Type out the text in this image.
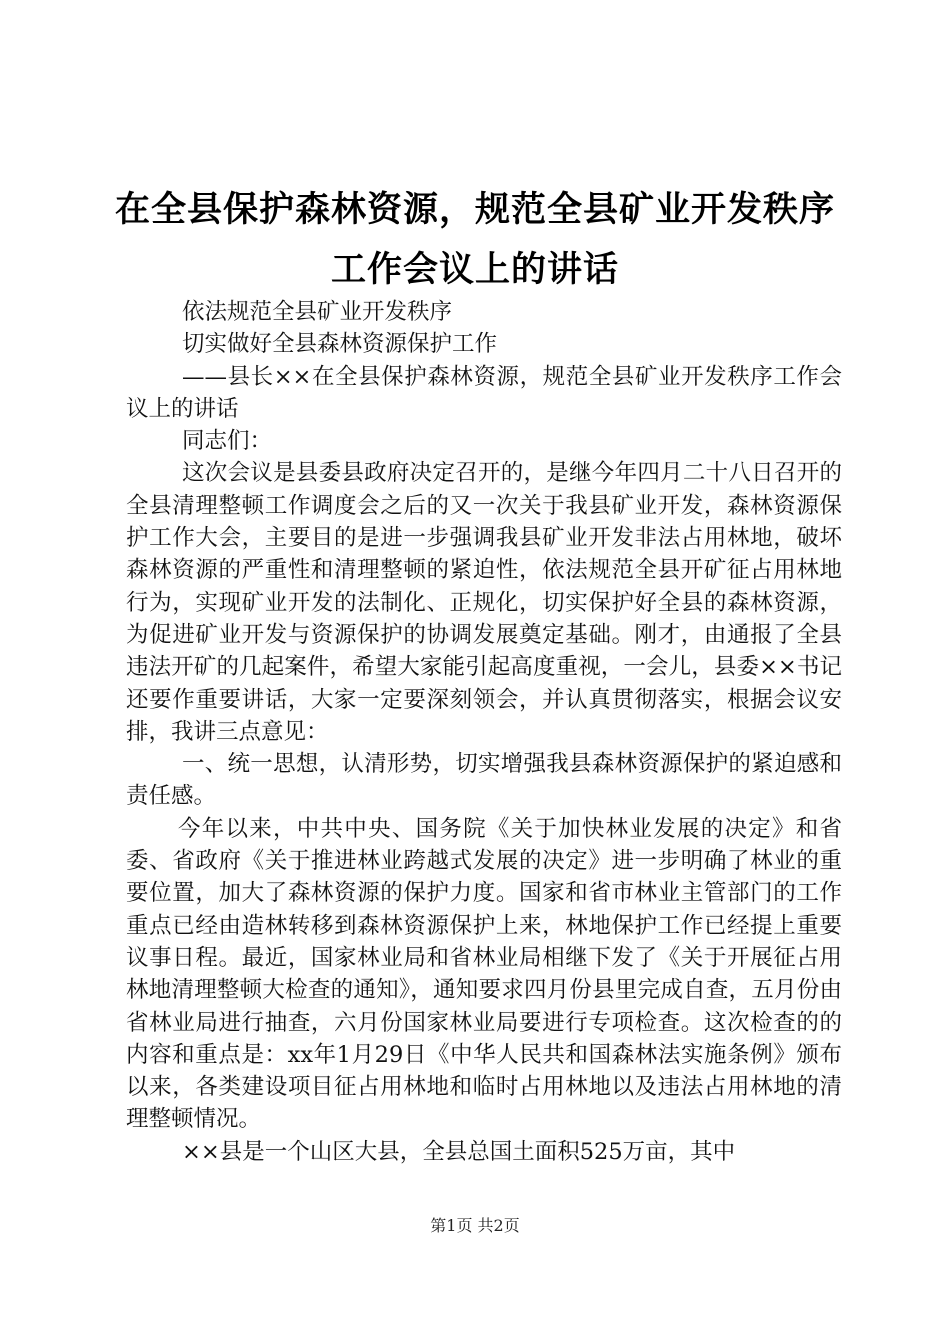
在全县保护森林资源，规范全县矿业开发秩序
工作会议上的讲话

依法规范全县矿业开发秩序

切实做好全县森林资源保护工作

——县长××在全县保护森林资源，规范全县矿业开发秩序工作会议上的讲话

同志们：

这次会议是县委县政府决定召开的，是继今年四月二十八日召开的全县清理整顿工作调度会之后的又一次关于我县矿业开发，森林资源保护工作大会，主要目的是进一步强调我县矿业开发非法占用林地，破坏森林资源的严重性和清理整顿的紧迫性，依法规范全县开矿征占用林地行为，实现矿业开发的法制化、正规化，切实保护好全县的森林资源，为促进矿业开发与资源保护的协调发展奠定基础。刚才，由通报了全县违法开矿的几起案件，希望大家能引起高度重视，一会儿，县委××书记还要作重要讲话，大家一定要深刻领会，并认真贯彻落实，根据会议安排，我讲三点意见：

一、统一思想，认清形势，切实增强我县森林资源保护的紧迫感和责任感。

今年以来，中共中央、国务院《关于加快林业发展的决定》和省委、省政府《关于推进林业跨越式发展的决定》进一步明确了林业的重要位置，加大了森林资源的保护力度。国家和省市林业主管部门的工作重点已经由造林转移到森林资源保护上来，林地保护工作已经提上重要议事日程。最近，国家林业局和省林业局相继下发了《关于开展征占用林地清理整顿大检查的通知》，通知要求四月份县里完成自查，五月份由省林业局进行抽查，六月份国家林业局要进行专项检查。这次检查的的内容和重点是：xx年1月29日《中华人民共和国森林法实施条例》颁布以来，各类建设项目征占用林地和临时占用林地以及违法占用林地的清理整顿情况。

××县是一个山区大县，全县总国土面积525万亩，其中

第1页 共2页
